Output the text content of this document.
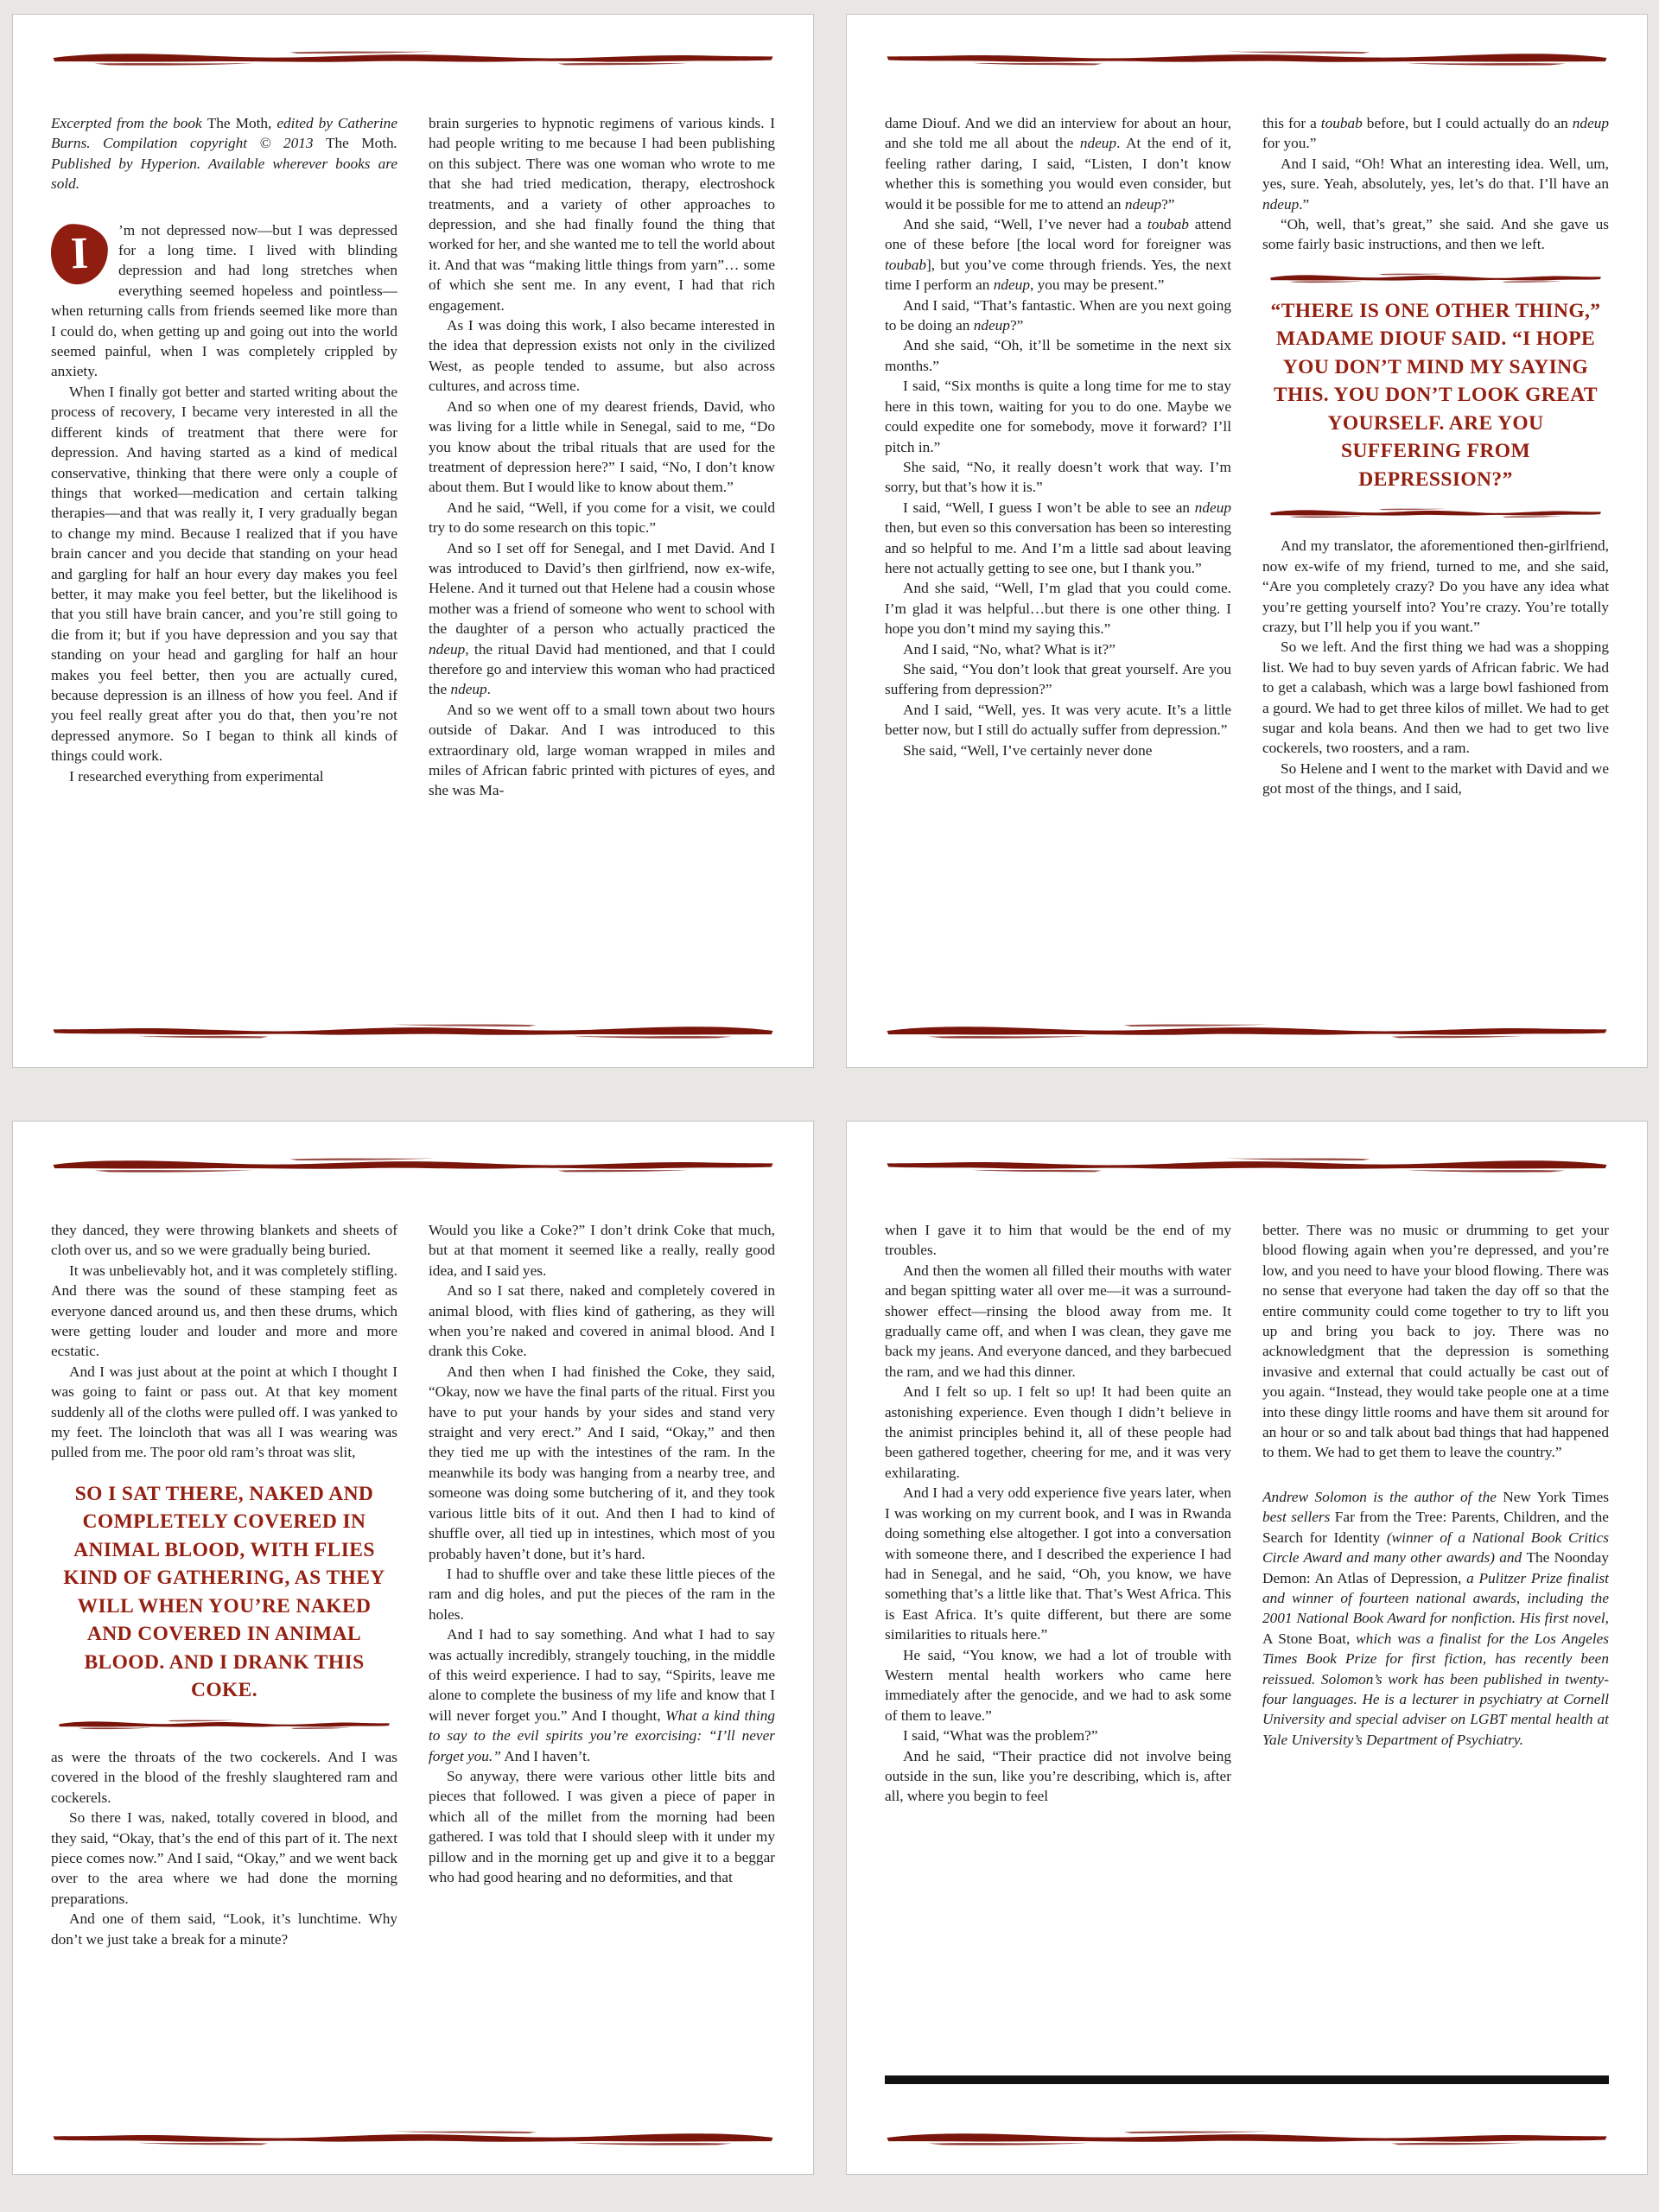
Excerpted from the book The Moth, edited by Catherine Burns. Compilation copyright © 2013 The Moth. Published by Hyperion. Available wherever books are sold.

I	’m not depressed now—but I was depressed for a long time. I lived with blinding depression and had long stretches when everything seemed hopeless and pointless—when returning calls from friends seemed like more than I could do, when getting up and going out into the world seemed painful, when I was completely crippled by anxiety.

When I finally got better and started writing about the process of recovery, I became very interested in all the different kinds of treatment that there were for depression. And having started as a kind of medical conservative, thinking that there were only a couple of things that worked—medication and certain talking therapies—and that was really it, I very gradually began to change my mind. Because I realized that if you have brain cancer and you decide that standing on your head and gargling for half an hour every day makes you feel better, it may make you feel better, but the likelihood is that you still have brain cancer, and you’re still going to die from it; but if you have depression and you say that standing on your head and gargling for half an hour makes you feel better, then you are actually cured, because depression is an illness of how you feel. And if you feel really great after you do that, then you’re not depressed anymore. So I began to think all kinds of things could work.

I researched everything from experimental

brain surgeries to hypnotic regimens of various kinds. I had people writing to me because I had been publishing on this subject. There was one woman who wrote to me that she had tried medication, therapy, electroshock treatments, and a variety of other approaches to depression, and she had finally found the thing that worked for her, and she wanted me to tell the world about it. And that was “making little things from yarn”… some of which she sent me. In any event, I had that rich engagement.

As I was doing this work, I also became interested in the idea that depression exists not only in the civilized West, as people tended to assume, but also across cultures, and across time.

And so when one of my dearest friends, David, who was living for a little while in Senegal, said to me, “Do you know about the tribal rituals that are used for the treatment of depression here?” I said, “No, I don’t know about them. But I would like to know about them.”

And he said, “Well, if you come for a visit, we could try to do some research on this topic.”

And so I set off for Senegal, and I met David. And I was introduced to David’s then girlfriend, now ex-wife, Helene. And it turned out that Helene had a cousin whose mother was a friend of someone who went to school with the daughter of a person who actually practiced the ndeup, the ritual David had mentioned, and that I could therefore go and interview this woman who had practiced the ndeup.

And so we went off to a small town about two hours outside of Dakar. And I was introduced to this extraordinary old, large woman wrapped in miles and miles of African fabric printed with pictures of eyes, and she was Ma-

dame Diouf. And we did an interview for about an hour, and she told me all about the ndeup. At the end of it, feeling rather daring, I said, “Listen, I don’t know whether this is something you would even consider, but would it be possible for me to attend an ndeup?”

And she said, “Well, I’ve never had a toubab attend one of these before [the local word for foreigner was toubab], but you’ve come through friends. Yes, the next time I perform an ndeup, you may be present.”

And I said, “That’s fantastic. When are you next going to be doing an ndeup?”

And she said, “Oh, it’ll be sometime in the next six months.”

I said, “Six months is quite a long time for me to stay here in this town, waiting for you to do one. Maybe we could expedite one for somebody, move it forward? I’ll pitch in.”

She said, “No, it really doesn’t work that way. I’m sorry, but that’s how it is.”

I said, “Well, I guess I won’t be able to see an ndeup then, but even so this conversation has been so interesting and so helpful to me. And I’m a little sad about leaving here not actually getting to see one, but I thank you.”

And she said, “Well, I’m glad that you could come. I’m glad it was helpful…but there is one other thing. I hope you don’t mind my saying this.”

And I said, “No, what? What is it?”

She said, “You don’t look that great yourself. Are you suffering from depression?”

And I said, “Well, yes. It was very acute. It’s a little better now, but I still do actually suffer from depression.”

She said, “Well, I’ve certainly never done

this for a toubab before, but I could actually do an ndeup for you.”

And I said, “Oh! What an interesting idea. Well, um, yes, sure. Yeah, absolutely, yes, let’s do that. I’ll have an ndeup.”

“Oh, well, that’s great,” she said. And she gave us some fairly basic instructions, and then we left.

“THERE IS ONE OTHER THING,” MADAME DIOUF SAID. “I HOPE YOU DON’T MIND MY SAYING THIS. YOU DON’T LOOK GREAT YOURSELF. ARE YOU SUFFERING FROM DEPRESSION?”

And my translator, the aforementioned then-girlfriend, now ex-wife of my friend, turned to me, and she said, “Are you completely crazy? Do you have any idea what you’re getting yourself into? You’re crazy. You’re totally crazy, but I’ll help you if you want.”

So we left. And the first thing we had was a shopping list. We had to buy seven yards of African fabric. We had to get a calabash, which was a large bowl fashioned from a gourd. We had to get three kilos of millet. We had to get sugar and kola beans. And then we had to get two live cockerels, two roosters, and a ram.

So Helene and I went to the market with David and we got most of the things, and I said,

they danced, they were throwing blankets and sheets of cloth over us, and so we were gradually being buried.

It was unbelievably hot, and it was completely stifling. And there was the sound of these stamping feet as everyone danced around us, and then these drums, which were getting louder and louder and more and more ecstatic.

And I was just about at the point at which I thought I was going to faint or pass out. At that key moment suddenly all of the cloths were pulled off. I was yanked to my feet. The loincloth that was all I was wearing was pulled from me. The poor old ram’s throat was slit,

SO I SAT THERE, NAKED AND COMPLETELY COVERED IN ANIMAL BLOOD, WITH FLIES KIND OF GATHERING, AS THEY WILL WHEN YOU’RE NAKED AND COVERED IN ANIMAL BLOOD. AND I DRANK THIS COKE.

as were the throats of the two cockerels. And I was covered in the blood of the freshly slaughtered ram and cockerels.

So there I was, naked, totally covered in blood, and they said, “Okay, that’s the end of this part of it. The next piece comes now.” And I said, “Okay,” and we went back over to the area where we had done the morning preparations.

And one of them said, “Look, it’s lunchtime. Why don’t we just take a break for a minute?

Would you like a Coke?” I don’t drink Coke that much, but at that moment it seemed like a really, really good idea, and I said yes.

And so I sat there, naked and completely covered in animal blood, with flies kind of gathering, as they will when you’re naked and covered in animal blood. And I drank this Coke.

And then when I had finished the Coke, they said, “Okay, now we have the final parts of the ritual. First you have to put your hands by your sides and stand very straight and very erect.” And I said, “Okay,” and then they tied me up with the intestines of the ram. In the meanwhile its body was hanging from a nearby tree, and someone was doing some butchering of it, and they took various little bits of it out. And then I had to kind of shuffle over, all tied up in intestines, which most of you probably haven’t done, but it’s hard.

I had to shuffle over and take these little pieces of the ram and dig holes, and put the pieces of the ram in the holes.

And I had to say something. And what I had to say was actually incredibly, strangely touching, in the middle of this weird experience. I had to say, “Spirits, leave me alone to complete the business of my life and know that I will never forget you.” And I thought, What a kind thing to say to the evil spirits you’re exorcising: “I’ll never forget you.” And I haven’t.

So anyway, there were various other little bits and pieces that followed. I was given a piece of paper in which all of the millet from the morning had been gathered. I was told that I should sleep with it under my pillow and in the morning get up and give it to a beggar who had good hearing and no deformities, and that

when I gave it to him that would be the end of my troubles.

And then the women all filled their mouths with water and began spitting water all over me—it was a surround-shower effect—rinsing the blood away from me. It gradually came off, and when I was clean, they gave me back my jeans. And everyone danced, and they barbecued the ram, and we had this dinner.

And I felt so up. I felt so up! It had been quite an astonishing experience. Even though I didn’t believe in the animist principles behind it, all of these people had been gathered together, cheering for me, and it was very exhilarating.

And I had a very odd experience five years later, when I was working on my current book, and I was in Rwanda doing something else altogether. I got into a conversation with someone there, and I described the experience I had had in Senegal, and he said, “Oh, you know, we have something that’s a little like that. That’s West Africa. This is East Africa. It’s quite different, but there are some similarities to rituals here.”

He said, “You know, we had a lot of trouble with Western mental health workers who came here immediately after the genocide, and we had to ask some of them to leave.”

I said, “What was the problem?”

And he said, “Their practice did not involve being outside in the sun, like you’re describing, which is, after all, where you begin to feel

better. There was no music or drumming to get your blood flowing again when you’re depressed, and you’re low, and you need to have your blood flowing. There was no sense that everyone had taken the day off so that the entire community could come together to try to lift you up and bring you back to joy. There was no acknowledgment that the depression is something invasive and external that could actually be cast out of you again. “Instead, they would take people one at a time into these dingy little rooms and have them sit around for an hour or so and talk about bad things that had happened to them. We had to get them to leave the country.”

Andrew Solomon is the author of the New York Times best sellers Far from the Tree: Parents, Children, and the Search for Identity (winner of a National Book Critics Circle Award and many other awards) and The Noonday Demon: An Atlas of Depression, a Pulitzer Prize finalist and winner of fourteen national awards, including the 2001 National Book Award for nonfiction. His first novel, A Stone Boat, which was a finalist for the Los Angeles Times Book Prize for first fiction, has recently been reissued. Solomon’s work has been published in twenty-four languages. He is a lecturer in psychiatry at Cornell University and special adviser on LGBT mental health at Yale University’s Department of Psychiatry.
